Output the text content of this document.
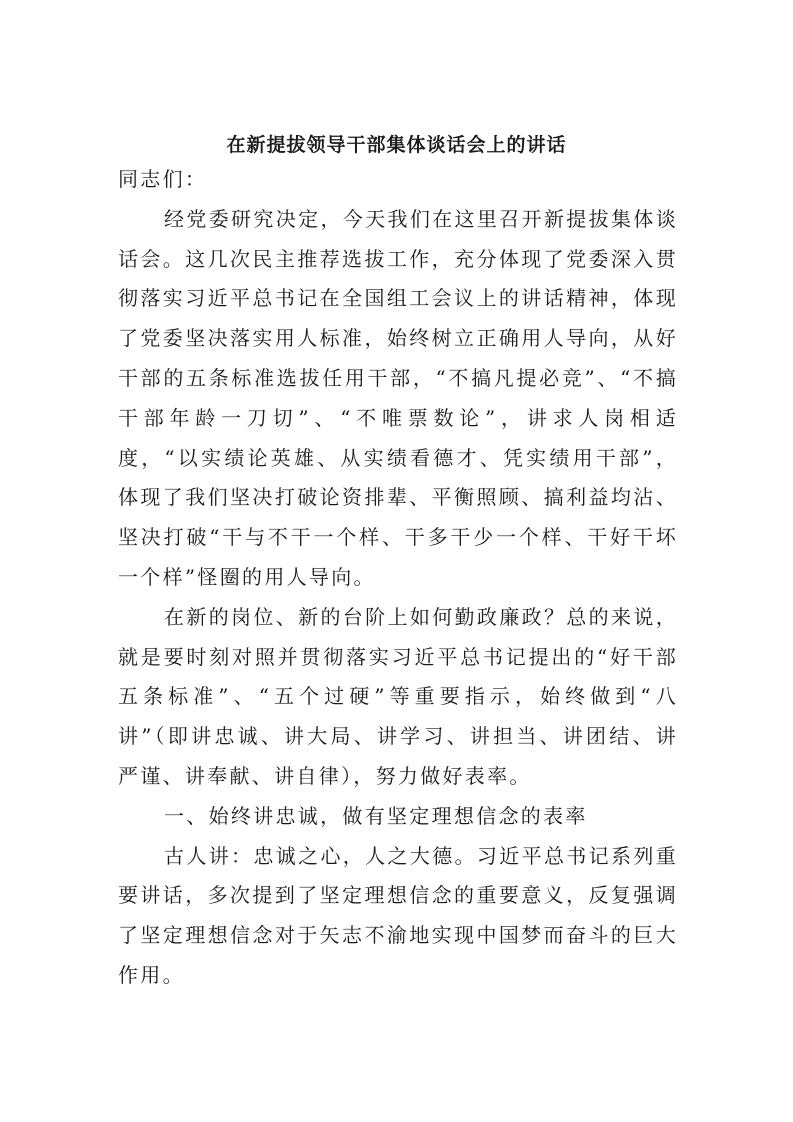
在新提拔领导干部集体谈话会上的讲话

同志们：

经党委研究决定，今天我们在这里召开新提拔集体谈话会。这几次民主推荐选拔工作，充分体现了党委深入贯彻落实习近平总书记在全国组工会议上的讲话精神，体现了党委坚决落实用人标准，始终树立正确用人导向，从好干部的五条标准选拔任用干部，“不搞凡提必竞”、“不搞干部年龄一刀切”、“不唯票数论”，讲求人岗相适度，“以实绩论英雄、从实绩看德才、凭实绩用干部”，体现了我们坚决打破论资排辈、平衡照顾、搞利益均沾、坚决打破“干与不干一个样、干多干少一个样、干好干坏一个样”怪圈的用人导向。

在新的岗位、新的台阶上如何勤政廉政？总的来说，就是要时刻对照并贯彻落实习近平总书记提出的“好干部五条标准”、“五个过硬”等重要指示，始终做到“八讲”（即讲忠诚、讲大局、讲学习、讲担当、讲团结、讲严谨、讲奉献、讲自律），努力做好表率。

一、始终讲忠诚，做有坚定理想信念的表率

古人讲：忠诚之心，人之大德。习近平总书记系列重要讲话，多次提到了坚定理想信念的重要意义，反复强调了坚定理想信念对于矢志不渝地实现中国梦而奋斗的巨大作用。
